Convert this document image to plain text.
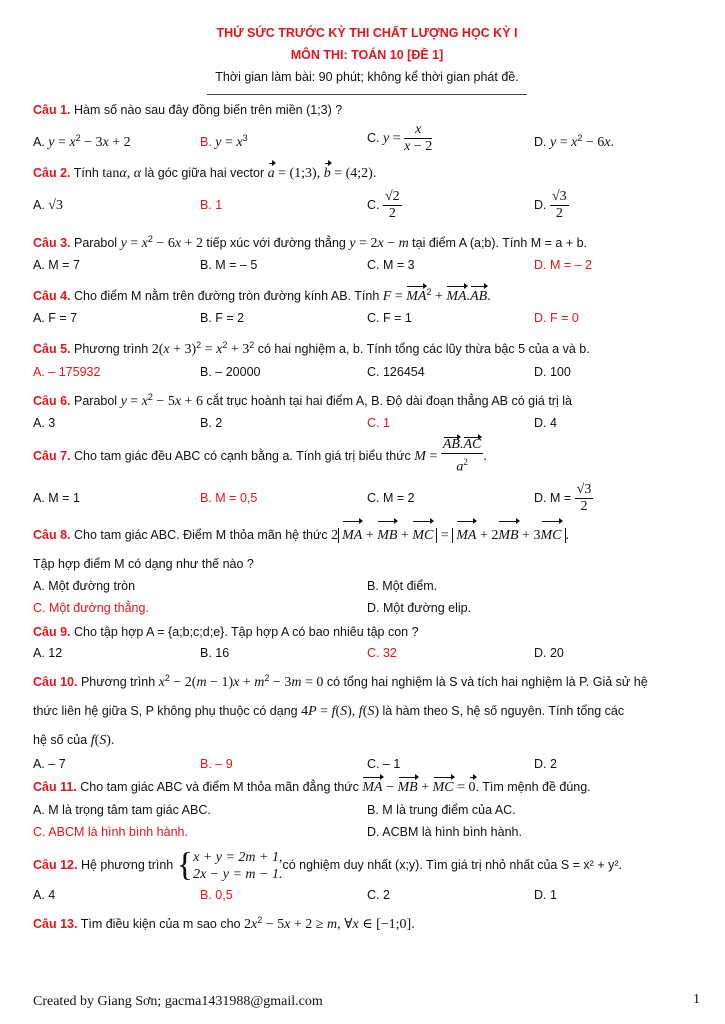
THỬ SỨC TRƯỚC KỲ THI CHẤT LƯỢNG HỌC KỲ I
MÔN THI: TOÁN 10 [ĐỀ 1]
Thời gian làm bài: 90 phút; không kể thời gian phát đề.
Câu 1. Hàm số nào sau đây đồng biến trên miền (1;3) ?
A. $y = x^2 - 3x + 2$	B. $y = x^3$	C. $y = \frac{x}{x - 2}$	D. $y = x^2 - 6x$.
Câu 2. Tính tanα, α là góc giữa hai vector a = (1;3), b = (4;2).
A. √3	B. 1	C. $\frac{√2}{2}$	D. $\frac{√3}{2}$
Câu 3. Parabol $y = x^2 - 6x + 2$ tiếp xúc với đường thẳng y = 2x − m tại điểm A (a;b). Tính M = a + b.
A. M = 7	B. M = – 5	C. M = 3	D. M = – 2
Câu 4. Cho điểm M nằm trên đường tròn đường kính AB. Tính $F = MA^2 + MA.AB$.
A. F = 7	B. F = 2	C. F = 1	D. F = 0
Câu 5. Phương trình $2(x + 3)^2 = x^2 + 3^2$ có hai nghiệm a, b. Tính tổng các lũy thừa bậc 5 của a và b.
A. – 175932	B. – 20000	C. 126454	D. 100
Câu 6. Parabol $y = x^2 - 5x + 6$ cắt trục hoành tại hai điểm A, B. Độ dài đoạn thẳng AB có giá trị là
A. 3	B. 2	C. 1	D. 4
Câu 7. Cho tam giác đều ABC có cạnh bằng a. Tính giá trị biểu thức $M = \frac{AB.AC}{a^2}$ .
A. M = 1	B. M = 0,5	C. M = 2	D. $M = \frac{√3}{2}$
Câu 8. Cho tam giác ABC. Điểm M thỏa mãn hệ thức 2 MA + MB + MC = MA + 2MB + 3MC .
Tập hợp điểm M có dạng như thế nào ?
A. Một đường tròn	B. Một điểm.
C. Một đường thẳng.	D. Một đường elip.
Câu 9. Cho tập hợp A = {a;b;c;d;e}. Tập hợp A có bao nhiêu tập con ?
A. 12	B. 16	C. 32	D. 20
Câu 10. Phương trình $x^2 - 2(m - 1)x + m^2 - 3m = 0$ có tổng hai nghiệm là S và tích hai nghiệm là P. Giả sử hệ
thức liên hệ giữa S, P không phụ thuộc có dạng 4P = f(S), f(S) là hàm theo S, hệ số nguyên. Tính tổng các
hệ số của f(S).
A. – 7	B. – 9	C. – 1	D. 2
Câu 11. Cho tam giác ABC và điểm M thỏa mãn đẳng thức MA − MB + MC = 0. Tìm mệnh đề đúng.
A. M là trọng tâm tam giác ABC.	B. M là trung điểm của AC.
C. ABCM là hình bình hành.	D. ACBM là hình bình hành.
Câu 12. Hệ phương trình {x + y = 2m + 1,
2x − y = m − 1.có nghiệm duy nhất (x;y). Tìm giá trị nhỏ nhất của S = x² + y².
A. 4	B. 0,5	C. 2	D. 1
Câu 13. Tìm điều kiện của m sao cho $2x^2 - 5x + 2 \ge m$, ∀x ∈ [−1;0].
Created by Giang Sơn; gacma1431988@gmail.com	1
